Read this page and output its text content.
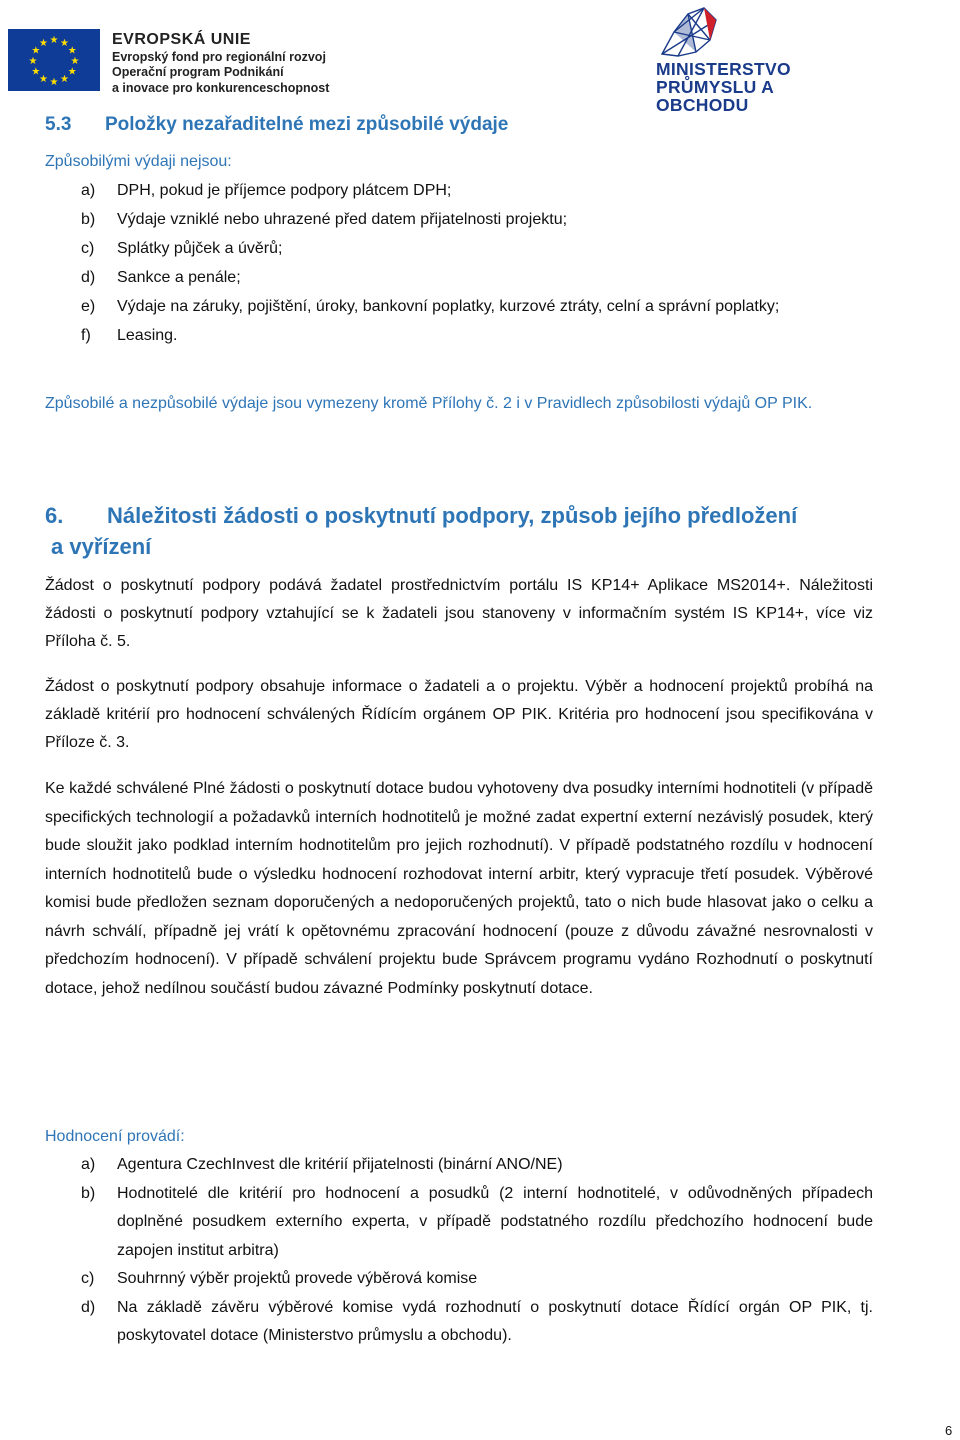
★ ★
★
★
★
★
★
★
★
★
★
★	EVROPSKÁ UNIE
Evropský fond pro regionální rozvoj
Operační program Podnikání
a inovace pro konkurenceschopnost
MINISTERSTVO
PRŮMYSLU A OBCHODU
5.3 Položky nezařaditelné mezi způsobilé výdaje
Způsobilými výdaji nejsou:
a) DPH, pokud je příjemce podpory plátcem DPH;
b) Výdaje vzniklé nebo uhrazené před datem přijatelnosti projektu;
c) Splátky půjček a úvěrů;
d) Sankce a penále;
e) Výdaje na záruky, pojištění, úroky, bankovní poplatky, kurzové ztráty, celní a správní poplatky;
f) Leasing.
Způsobilé a nezpůsobilé výdaje jsou vymezeny kromě Přílohy č. 2 i v Pravidlech způsobilosti výdajů OP PIK.
6. Náležitosti žádosti o poskytnutí podpory, způsob jejího předložení
a vyřízení
Žádost o poskytnutí podpory podává žadatel prostřednictvím portálu IS KP14+ Aplikace MS2014+. Náležitosti žádosti o poskytnutí podpory vztahující se k žadateli jsou stanoveny v informačním systém IS KP14+, více viz Příloha č. 5.
Žádost o poskytnutí podpory obsahuje informace o žadateli a o projektu. Výběr a hodnocení projektů probíhá na základě kritérií pro hodnocení schválených Řídícím orgánem OP PIK. Kritéria pro hodnocení jsou specifikována v Příloze č. 3.
Ke každé schválené Plné žádosti o poskytnutí dotace budou vyhotoveny dva posudky interními hodnotiteli (v případě specifických technologií a požadavků interních hodnotitelů je možné zadat expertní externí nezávislý posudek, který bude sloužit jako podklad interním hodnotitelům pro jejich rozhodnutí). V případě podstatného rozdílu v hodnocení interních hodnotitelů bude o výsledku hodnocení rozhodovat interní arbitr, který vypracuje třetí posudek. Výběrové komisi bude předložen seznam doporučených a nedoporučených projektů, tato o nich bude hlasovat jako o celku a návrh schválí, případně jej vrátí k opětovnému zpracování hodnocení (pouze z důvodu závažné nesrovnalosti v předchozím hodnocení). V případě schválení projektu bude Správcem programu vydáno Rozhodnutí o poskytnutí dotace, jehož nedílnou součástí budou závazné Podmínky poskytnutí dotace.
Hodnocení provádí:
a) Agentura CzechInvest dle kritérií přijatelnosti (binární ANO/NE)
b) Hodnotitelé dle kritérií pro hodnocení a posudků (2 interní hodnotitelé, v odůvodněných případech doplněné posudkem externího experta, v případě podstatného rozdílu předchozího hodnocení bude zapojen institut arbitra)
c) Souhrnný výběr projektů provede výběrová komise
d) Na základě závěru výběrové komise vydá rozhodnutí o poskytnutí dotace Řídící orgán OP PIK, tj. poskytovatel dotace (Ministerstvo průmyslu a obchodu).
6
